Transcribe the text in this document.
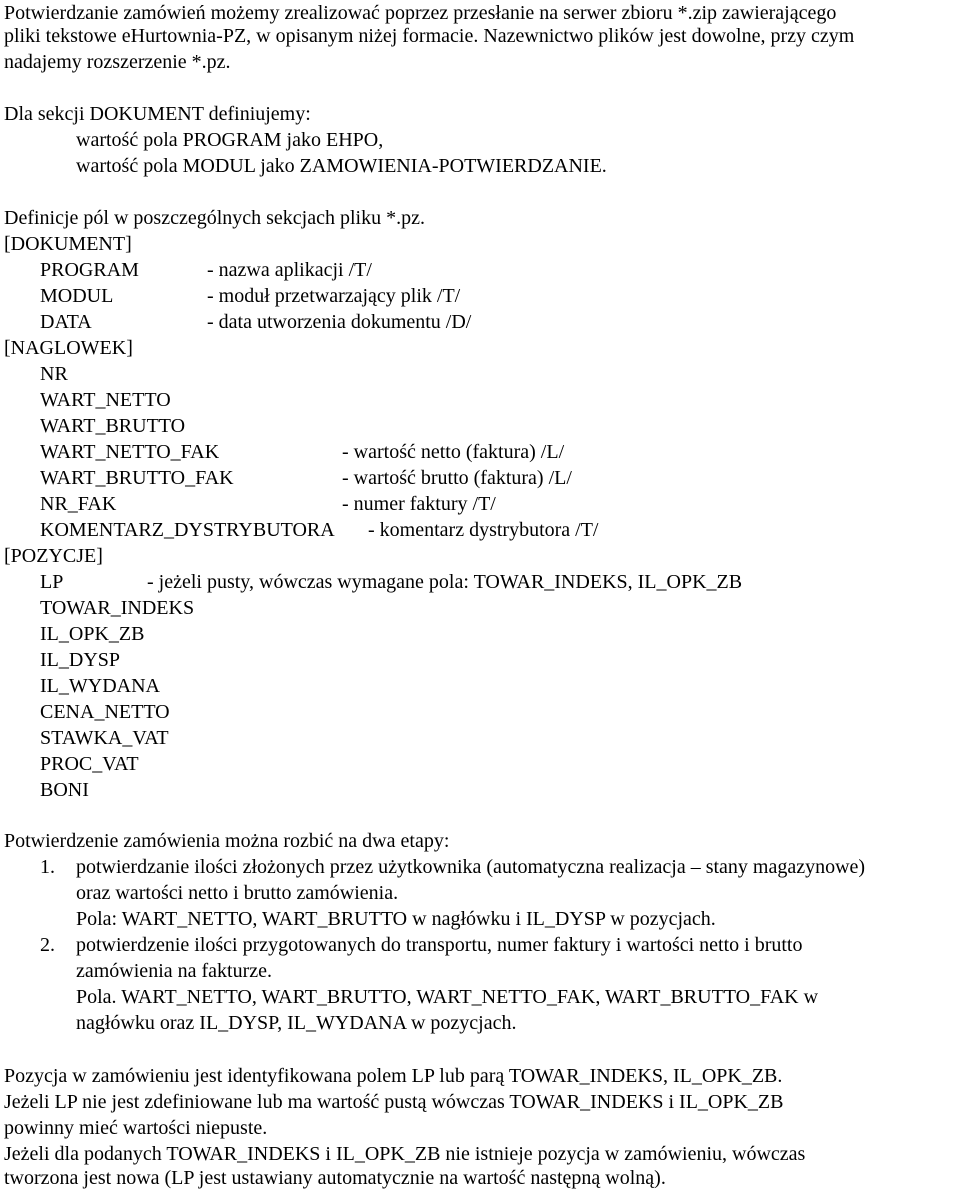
Potwierdzanie zamówień możemy zrealizować poprzez przesłanie na serwer zbioru *.zip zawierającego
pliki tekstowe eHurtownia-PZ, w opisanym niżej formacie. Nazewnictwo plików jest dowolne, przy czym
nadajemy rozszerzenie *.pz.
Dla sekcji DOKUMENT definiujemy:
wartość pola PROGRAM jako EHPO,
wartość pola MODUL jako ZAMOWIENIA-POTWIERDZANIE.
Definicje pól w poszczególnych sekcjach pliku *.pz.
[DOKUMENT]
PROGRAM	- nazwa aplikacji /T/
MODUL	- moduł przetwarzający plik /T/
DATA	- data utworzenia dokumentu /D/
[NAGLOWEK]
NR
WART_NETTO
WART_BRUTTO
WART_NETTO_FAK	- wartość netto (faktura) /L/
WART_BRUTTO_FAK	- wartość brutto (faktura) /L/
NR_FAK	- numer faktury /T/
KOMENTARZ_DYSTRYBUTORA - komentarz dystrybutora /T/
[POZYCJE]
LP	- jeżeli pusty, wówczas wymagane pola: TOWAR_INDEKS, IL_OPK_ZB
TOWAR_INDEKS
IL_OPK_ZB
IL_DYSP
IL_WYDANA
CENA_NETTO
STAWKA_VAT
PROC_VAT
BONI
Potwierdzenie zamówienia można rozbić na dwa etapy:
1. potwierdzanie ilości złożonych przez użytkownika (automatyczna realizacja – stany magazynowe)
oraz wartości netto i brutto zamówienia.
Pola: WART_NETTO, WART_BRUTTO w nagłówku i IL_DYSP w pozycjach.
2. potwierdzenie ilości przygotowanych do transportu, numer faktury i wartości netto i brutto
zamówienia na fakturze.
Pola. WART_NETTO, WART_BRUTTO, WART_NETTO_FAK, WART_BRUTTO_FAK w
nagłówku oraz IL_DYSP, IL_WYDANA w pozycjach.
Pozycja w zamówieniu jest identyfikowana polem LP lub parą TOWAR_INDEKS, IL_OPK_ZB.
Jeżeli LP nie jest zdefiniowane lub ma wartość pustą wówczas TOWAR_INDEKS i IL_OPK_ZB
powinny mieć wartości niepuste.
Jeżeli dla podanych TOWAR_INDEKS i IL_OPK_ZB nie istnieje pozycja w zamówieniu, wówczas
tworzona jest nowa (LP jest ustawiany automatycznie na wartość następną wolną).
